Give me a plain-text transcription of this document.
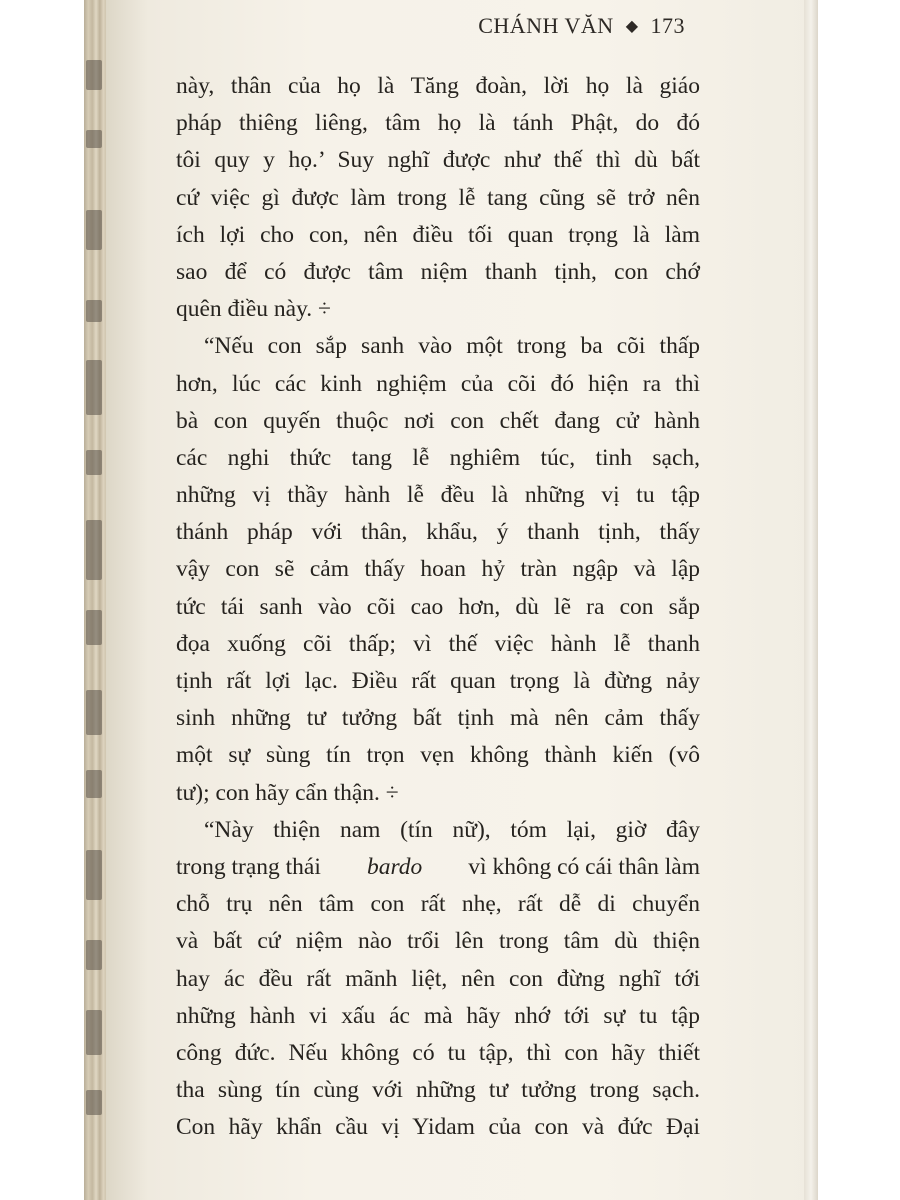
CHÁNH VĂN ◆ 173
này, thân của họ là Tăng đoàn, lời họ là giáo
pháp thiêng liêng, tâm họ là tánh Phật, do đó
tôi quy y họ.’ Suy nghĩ được như thế thì dù bất
cứ việc gì được làm trong lễ tang cũng sẽ trở nên
ích lợi cho con, nên điều tối quan trọng là làm
sao để có được tâm niệm thanh tịnh, con chớ
quên điều này. ÷
“Nếu con sắp sanh vào một trong ba cõi thấp
hơn, lúc các kinh nghiệm của cõi đó hiện ra thì
bà con quyến thuộc nơi con chết đang cử hành
các nghi thức tang lễ nghiêm túc, tinh sạch,
những vị thầy hành lễ đều là những vị tu tập
thánh pháp với thân, khẩu, ý thanh tịnh, thấy
vậy con sẽ cảm thấy hoan hỷ tràn ngập và lập
tức tái sanh vào cõi cao hơn, dù lẽ ra con sắp
đọa xuống cõi thấp; vì thế việc hành lễ thanh
tịnh rất lợi lạc. Điều rất quan trọng là đừng nảy
sinh những tư tưởng bất tịnh mà nên cảm thấy
một sự sùng tín trọn vẹn không thành kiến (vô
tư); con hãy cẩn thận. ÷
“Này thiện nam (tín nữ), tóm lại, giờ đây
trong trạng thái bardo vì không có cái thân làm
chỗ trụ nên tâm con rất nhẹ, rất dễ di chuyển
và bất cứ niệm nào trổi lên trong tâm dù thiện
hay ác đều rất mãnh liệt, nên con đừng nghĩ tới
những hành vi xấu ác mà hãy nhớ tới sự tu tập
công đức. Nếu không có tu tập, thì con hãy thiết
tha sùng tín cùng với những tư tưởng trong sạch.
Con hãy khẩn cầu vị Yidam của con và đức Đại
